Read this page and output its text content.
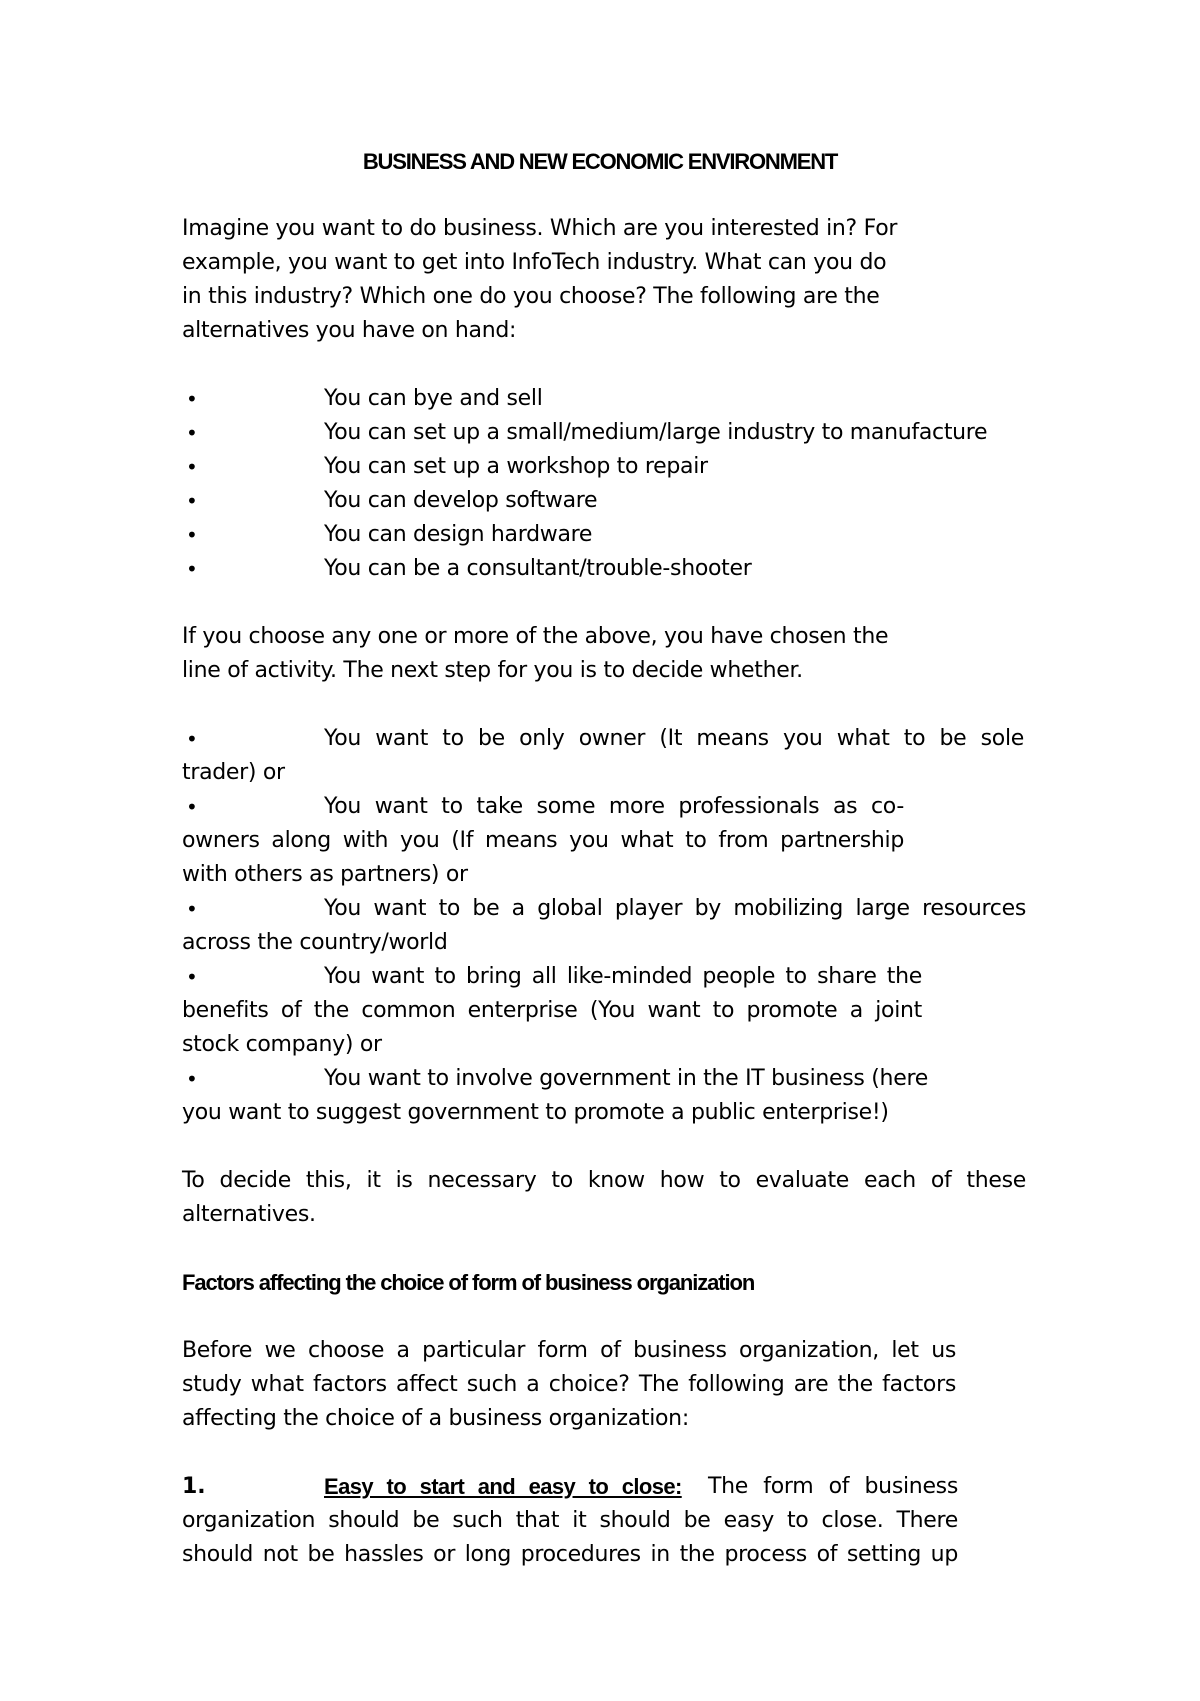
BUSINESS AND NEW ECONOMIC ENVIRONMENT
Imagine you want to do business. Which are you interested in? For
example, you want to get into InfoTech industry. What can you do
in this industry? Which one do you choose? The following are the
alternatives you have on hand:
•	You can bye and sell
•	You can set up a small/medium/large industry to manufacture
•	You can set up a workshop to repair
•	You can develop software
•	You can design hardware
•	You can be a consultant/trouble-shooter
If you choose any one or more of the above, you have chosen the
line of activity. The next step for you is to decide whether.
•	You want to be only owner (It means you what to be sole
trader) or
•	You want to take some more professionals as co-
owners along with you (If means you what to from partnership
with others as partners) or
•	You want to be a global player by mobilizing large resources
across the country/world
•	You want to bring all like-minded people to share the
benefits of the common enterprise (You want to promote a joint
stock company) or
•	You want to involve government in the IT business (here
you want to suggest government to promote a public enterprise!)
To decide this, it is necessary to know how to evaluate each of these
alternatives.
Factors affecting the choice of form of business organization
Before we choose a particular form of business organization, let us
study what factors affect such a choice? The following are the factors
affecting the choice of a business organization:
1.	Easy to start and easy to close: The form of business
organization should be such that it should be easy to close. There
should not be hassles or long procedures in the process of setting up
